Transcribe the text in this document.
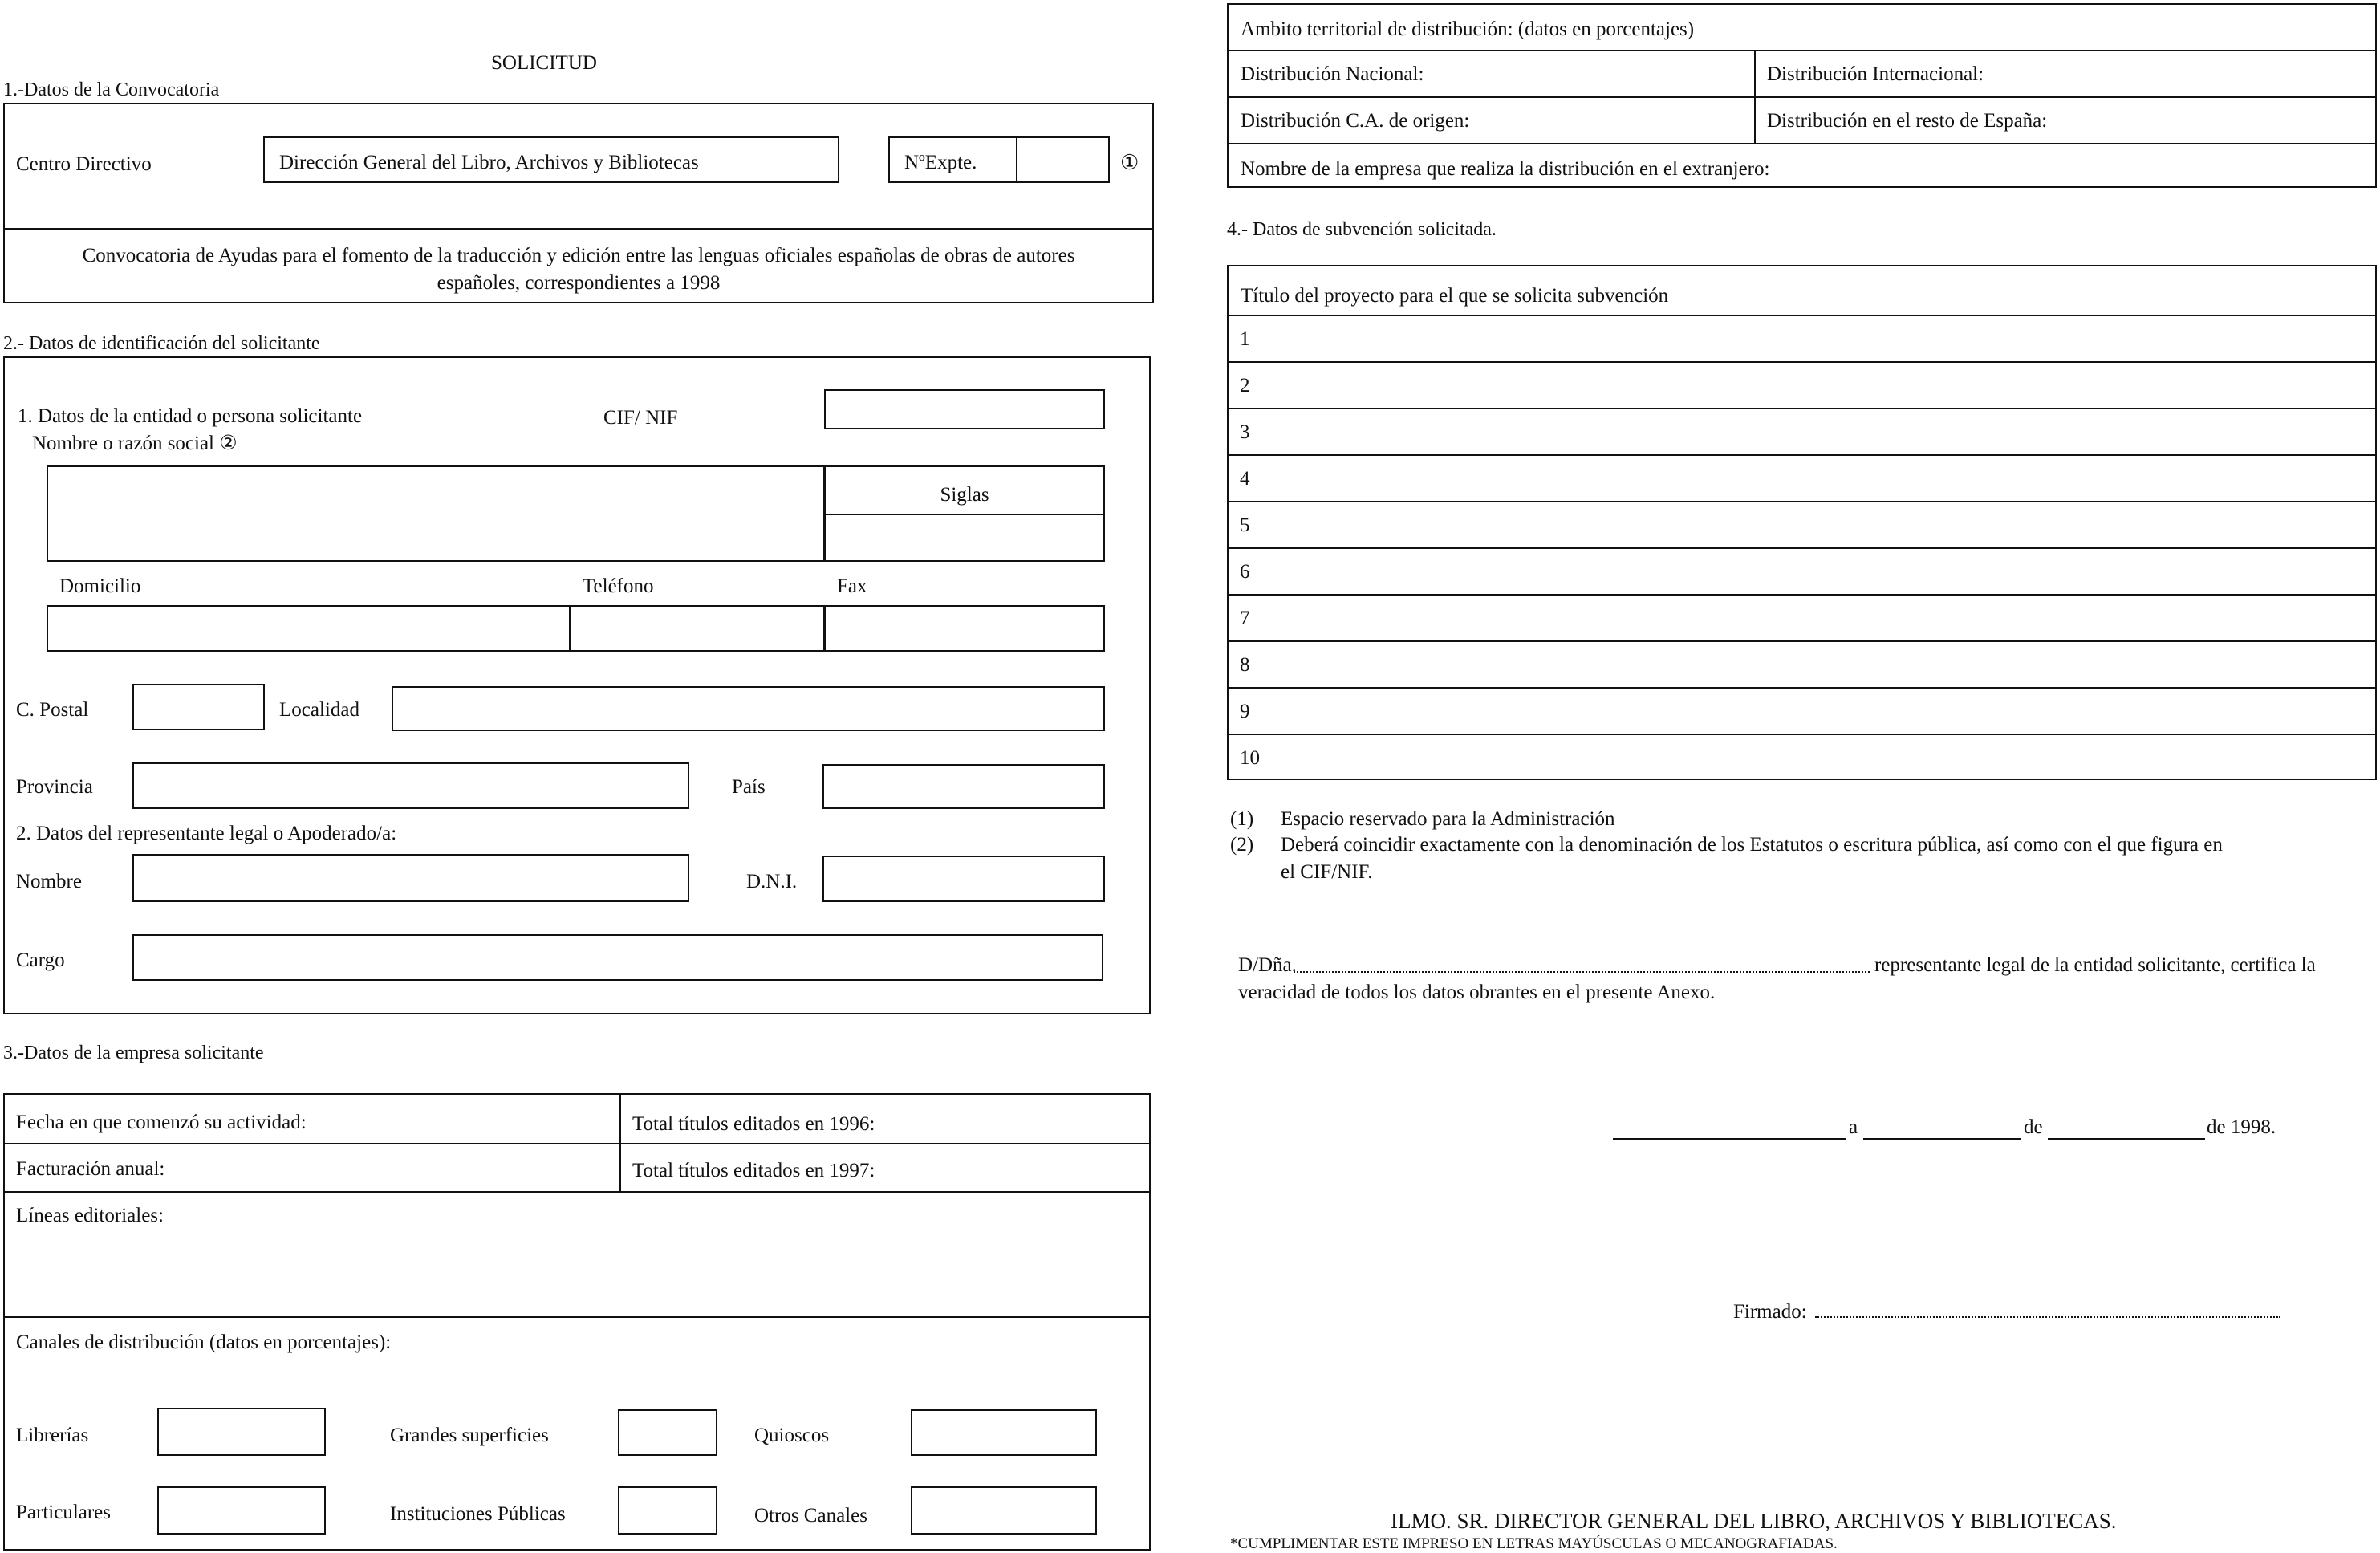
SOLICITUD
1.-Datos de la Convocatoria
Centro Directivo	Dirección General del Libro, Archivos y Bibliotecas	NºExpte.	①
Convocatoria de Ayudas para el fomento de la traducción y edición entre las lenguas oficiales españolas de obras de autores
españoles, correspondientes a 1998
2.- Datos de identificación del solicitante
1. Datos de la entidad o persona solicitante	CIF/ NIF
Nombre o razón social ②
Siglas
Domicilio	Teléfono	Fax
C. Postal	Localidad
Provincia	País
2. Datos del representante legal o Apoderado/a:
Nombre	D.N.I.
Cargo
3.-Datos de la empresa solicitante
Fecha en que comenzó su actividad:	Total títulos editados en 1996:
Facturación anual:	Total títulos editados en 1997:
Líneas editoriales:
Canales de distribución (datos en porcentajes):
Librerías	Grandes superficies	Quioscos
Particulares	Instituciones Públicas	Otros Canales
Ambito territorial de distribución: (datos en porcentajes)
Distribución Nacional:	Distribución Internacional:
Distribución C.A. de origen:	Distribución en el resto de España:
Nombre de la empresa que realiza la distribución en el extranjero:
4.- Datos de subvención solicitada.
Título del proyecto para el que se solicita subvención
1
2
3
4
5
6
7
8
9
10
(1) Espacio reservado para la Administración
(2) Deberá coincidir exactamente con la denominación de los Estatutos o escritura pública, así como con el que figura en
el CIF/NIF.
D/Dña.	representante legal de la entidad solicitante, certifica la
veracidad de todos los datos obrantes en el presente Anexo.
a	de	de 1998.
Firmado:
ILMO. SR. DIRECTOR GENERAL DEL LIBRO, ARCHIVOS Y BIBLIOTECAS.
*CUMPLIMENTAR ESTE IMPRESO EN LETRAS MAYÚSCULAS O MECANOGRAFIADAS.
